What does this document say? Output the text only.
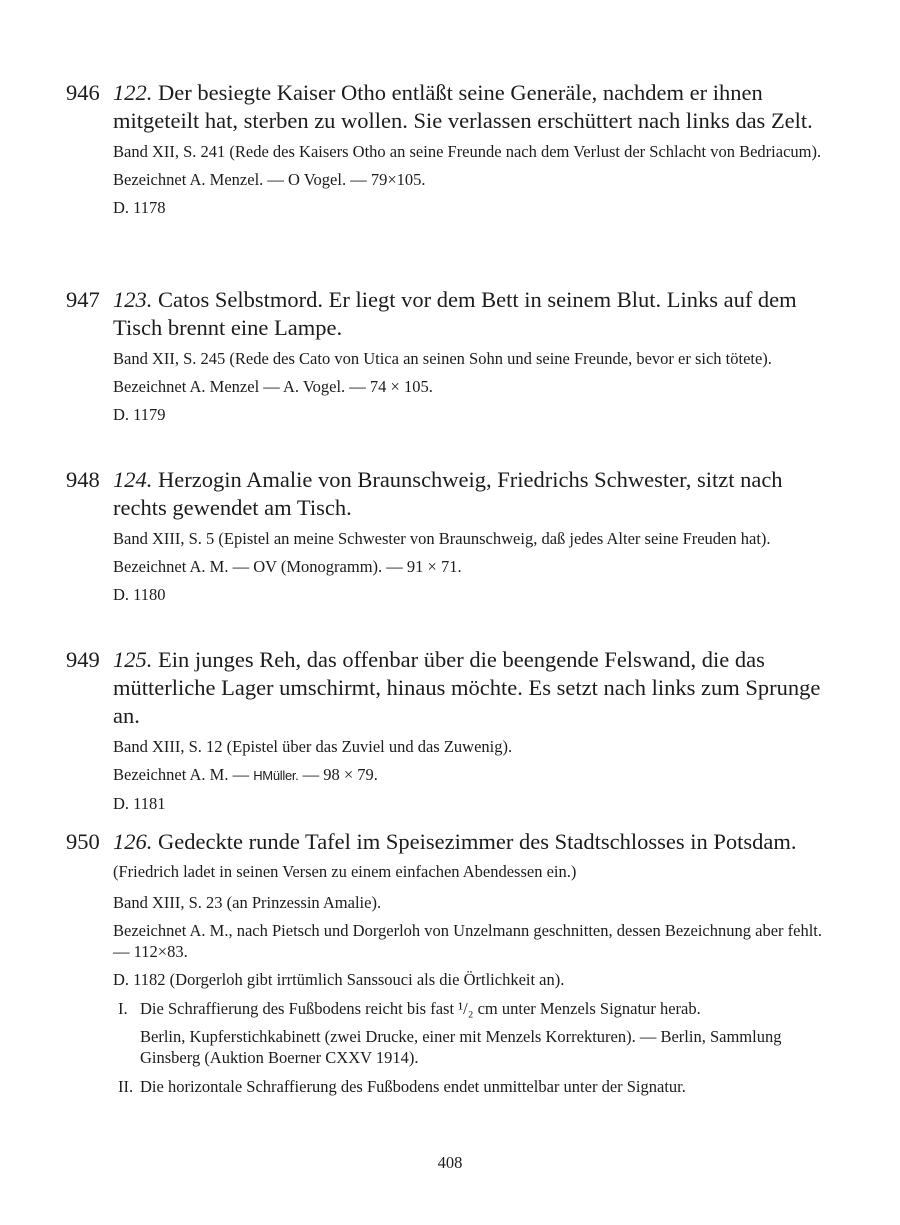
946 122. Der besiegte Kaiser Otho entläßt seine Generäle, nachdem er ihnen mitgeteilt hat, sterben zu wollen. Sie verlassen erschüttert nach links das Zelt.
Band XII, S. 241 (Rede des Kaisers Otho an seine Freunde nach dem Verlust der Schlacht von Bedriacum).
Bezeichnet A. Menzel. — O Vogel. — 79×105.
D. 1178
947 123. Catos Selbstmord. Er liegt vor dem Bett in seinem Blut. Links auf dem Tisch brennt eine Lampe.
Band XII, S. 245 (Rede des Cato von Utica an seinen Sohn und seine Freunde, bevor er sich tötete).
Bezeichnet A. Menzel — A. Vogel. — 74 × 105.
D. 1179
948 124. Herzogin Amalie von Braunschweig, Friedrichs Schwester, sitzt nach rechts gewendet am Tisch.
Band XIII, S. 5 (Epistel an meine Schwester von Braunschweig, daß jedes Alter seine Freuden hat).
Bezeichnet A. M. — OV (Monogramm). — 91 × 71.
D. 1180
949 125. Ein junges Reh, das offenbar über die beengende Felswand, die das mütterliche Lager umschirmt, hinaus möchte. Es setzt nach links zum Sprunge an.
Band XIII, S. 12 (Epistel über das Zuviel und das Zuwenig).
Bezeichnet A. M. — HMüller. — 98 × 79.
D. 1181
950 126. Gedeckte runde Tafel im Speisezimmer des Stadtschlosses in Potsdam. (Friedrich ladet in seinen Versen zu einem einfachen Abendessen ein.)
Band XIII, S. 23 (an Prinzessin Amalie).
Bezeichnet A. M., nach Pietsch und Dorgerloh von Unzelmann geschnitten, dessen Bezeichnung aber fehlt. — 112×83.
D. 1182 (Dorgerloh gibt irrtümlich Sanssouci als die Örtlichkeit an).
I. Die Schraffierung des Fußbodens reicht bis fast ¹/₂ cm unter Menzels Signatur herab.
Berlin, Kupferstichkabinett (zwei Drucke, einer mit Menzels Korrekturen). — Berlin, Sammlung Ginsberg (Auktion Boerner CXXV 1914).
II. Die horizontale Schraffierung des Fußbodens endet unmittelbar unter der Signatur.
408
